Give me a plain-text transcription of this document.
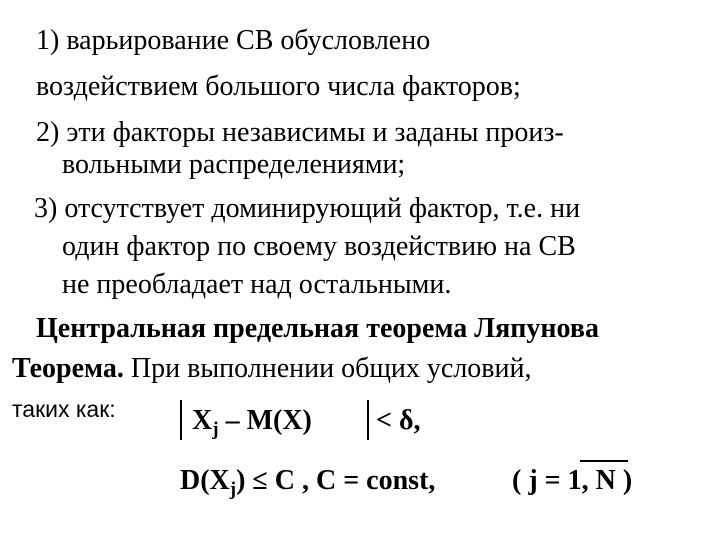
1) варьирование СВ обусловлено
воздействием большого числа факторов;
2) эти факторы независимы и заданы произ-
вольными распределениями;
3) отсутствует доминирующий фактор, т.е. ни
один фактор по своему воздействию на СВ
не преобладает над остальными.
Центральная предельная теорема Ляпунова
Теорема. При выполнении общих условий,
таких как:	$X_j - M(X) < \delta$,
$D(X_j) \le C$ , C = const,	( j = 1, N )
